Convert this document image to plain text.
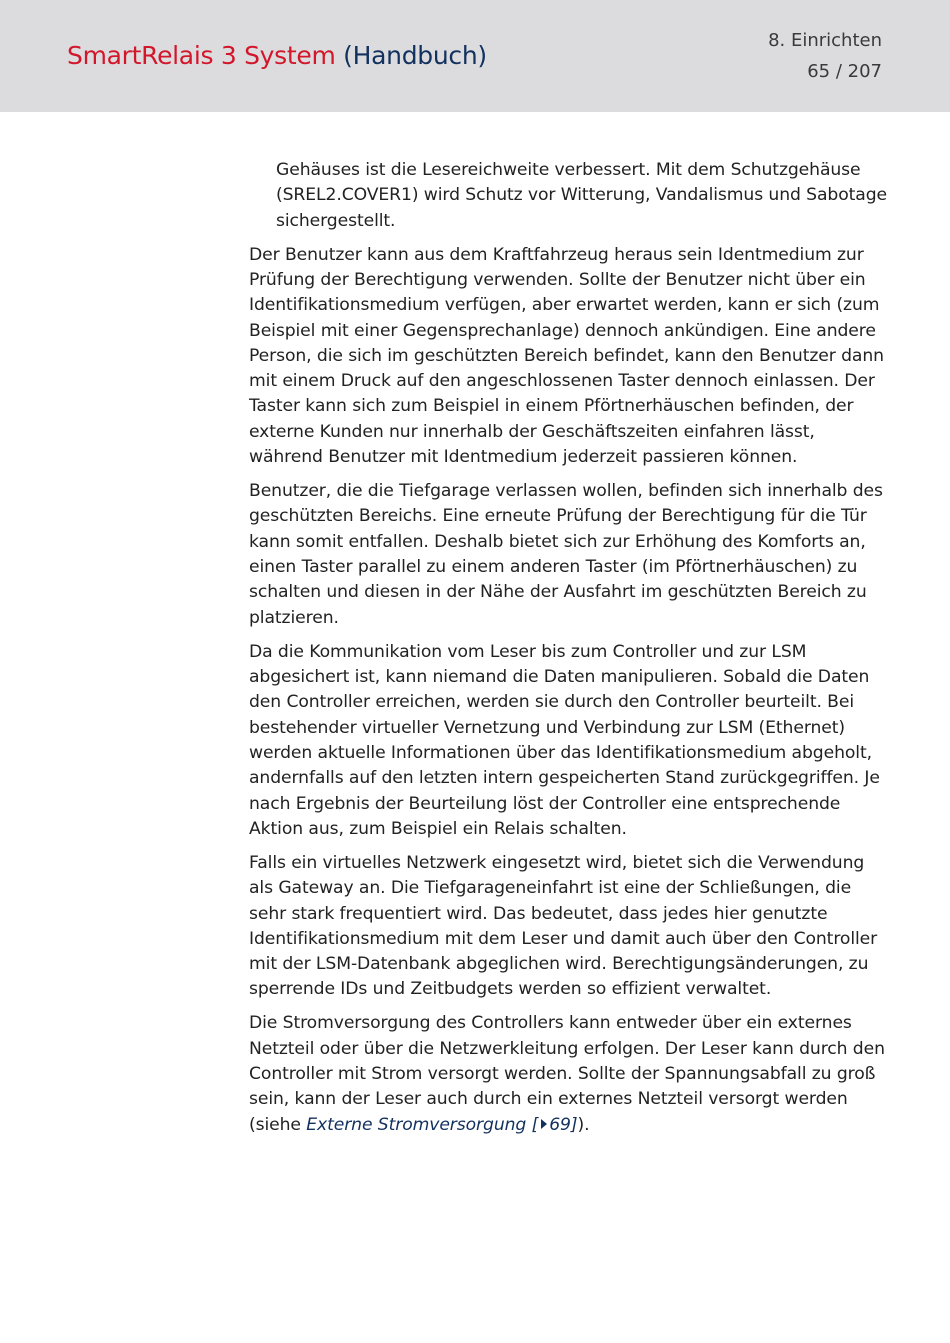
SmartRelais 3 System (Handbuch)
8. Einrichten
65 / 207

Gehäuses ist die Lesereichweite verbessert. Mit dem Schutzgehäuse (SREL2.COVER1) wird Schutz vor Witterung, Vandalismus und Sabotage sichergestellt.

Der Benutzer kann aus dem Kraftfahrzeug heraus sein Identmedium zur Prüfung der Berechtigung verwenden. Sollte der Benutzer nicht über ein Identifikationsmedium verfügen, aber erwartet werden, kann er sich (zum Beispiel mit einer Gegensprechanlage) dennoch ankündigen. Eine andere Person, die sich im geschützten Bereich befindet, kann den Benutzer dann mit einem Druck auf den angeschlossenen Taster dennoch einlassen. Der Taster kann sich zum Beispiel in einem Pförtnerhäuschen befinden, der externe Kunden nur innerhalb der Geschäftszeiten einfahren lässt, während Benutzer mit Identmedium jederzeit passieren können.

Benutzer, die die Tiefgarage verlassen wollen, befinden sich innerhalb des geschützten Bereichs. Eine erneute Prüfung der Berechtigung für die Tür kann somit entfallen. Deshalb bietet sich zur Erhöhung des Komforts an, einen Taster parallel zu einem anderen Taster (im Pförtnerhäuschen) zu schalten und diesen in der Nähe der Ausfahrt im geschützten Bereich zu platzieren.

Da die Kommunikation vom Leser bis zum Controller und zur LSM abgesichert ist, kann niemand die Daten manipulieren. Sobald die Daten den Controller erreichen, werden sie durch den Controller beurteilt. Bei bestehender virtueller Vernetzung und Verbindung zur LSM (Ethernet) werden aktuelle Informationen über das Identifikationsmedium abgeholt, andernfalls auf den letzten intern gespeicherten Stand zurückgegriffen. Je nach Ergebnis der Beurteilung löst der Controller eine entsprechende Aktion aus, zum Beispiel ein Relais schalten.

Falls ein virtuelles Netzwerk eingesetzt wird, bietet sich die Verwendung als Gateway an. Die Tiefgarageneinfahrt ist eine der Schließungen, die sehr stark frequentiert wird. Das bedeutet, dass jedes hier genutzte Identifikationsmedium mit dem Leser und damit auch über den Controller mit der LSM-Datenbank abgeglichen wird. Berechtigungsänderungen, zu sperrende IDs und Zeitbudgets werden so effizient verwaltet.

Die Stromversorgung des Controllers kann entweder über ein externes Netzteil oder über die Netzwerkleitung erfolgen. Der Leser kann durch den Controller mit Strom versorgt werden. Sollte der Spannungsabfall zu groß sein, kann der Leser auch durch ein externes Netzteil versorgt werden (siehe Externe Stromversorgung [ 69]).
